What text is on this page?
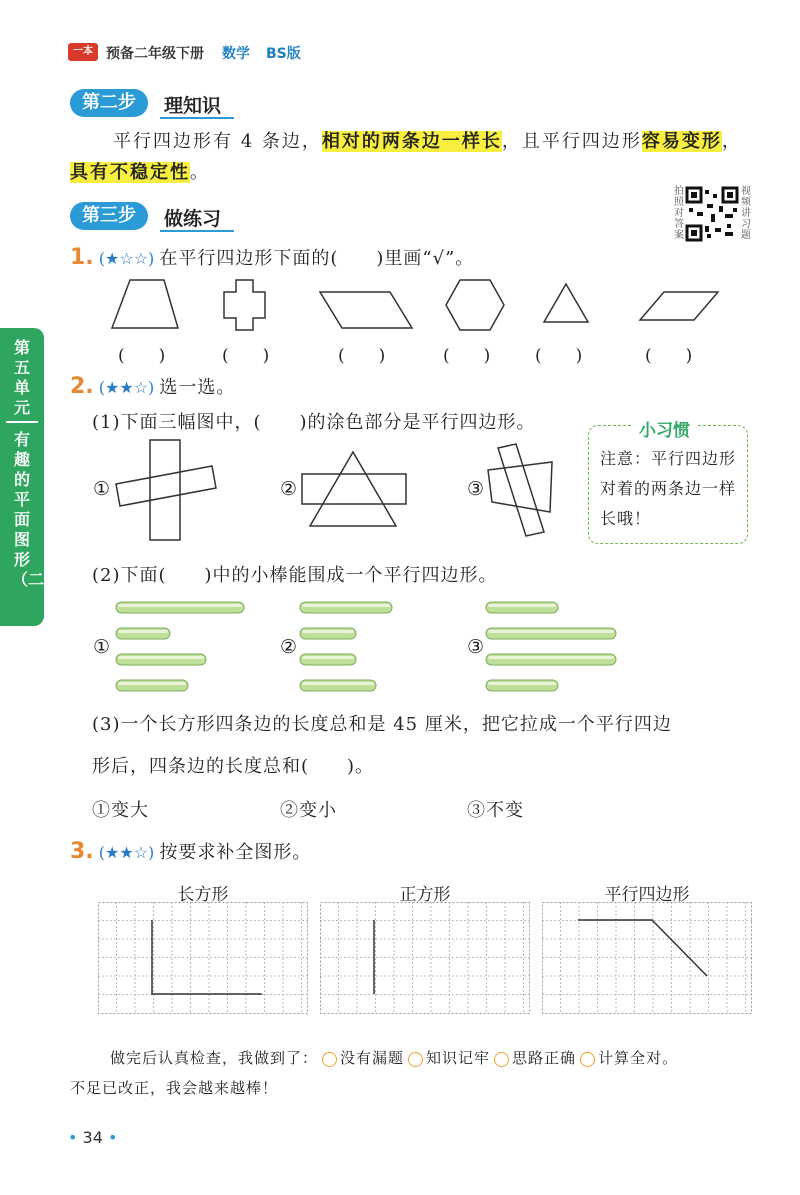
一本 预备二年级下册 数学 BS版
第五单元
有趣的平面图形（二）
第二步	理知识
平行四边形有 4 条边，相对的两条边一样长，且平行四边形容易变形，
具有不稳定性。
第三步	做练习
拍照对答案
视频讲习题
1. (★☆☆) 在平行四边形下面的(　　)里画“√”。
(　　)	(　　)	(　　)	(　　)	(　　)	(　　)
2. (★★☆) 选一选。
(1)下面三幅图中，(　　)的涂色部分是平行四边形。	小习惯
注意：平行四边形对着的两条边一样长哦！
①	②	③
(2)下面(　　)中的小棒能围成一个平行四边形。
①	②	③
(3)一个长方形四条边的长度总和是 45 厘米，把它拉成一个平行四边
形后，四条边的长度总和(　　)。
①变大	②变小	③不变
3. (★★☆) 按要求补全图形。
长方形	正方形	平行四边形
做完后认真检查，我做到了： 没有漏题 知识记牢 思路正确 计算全对。
不足已改正，我会越来越棒！
• 34 •
